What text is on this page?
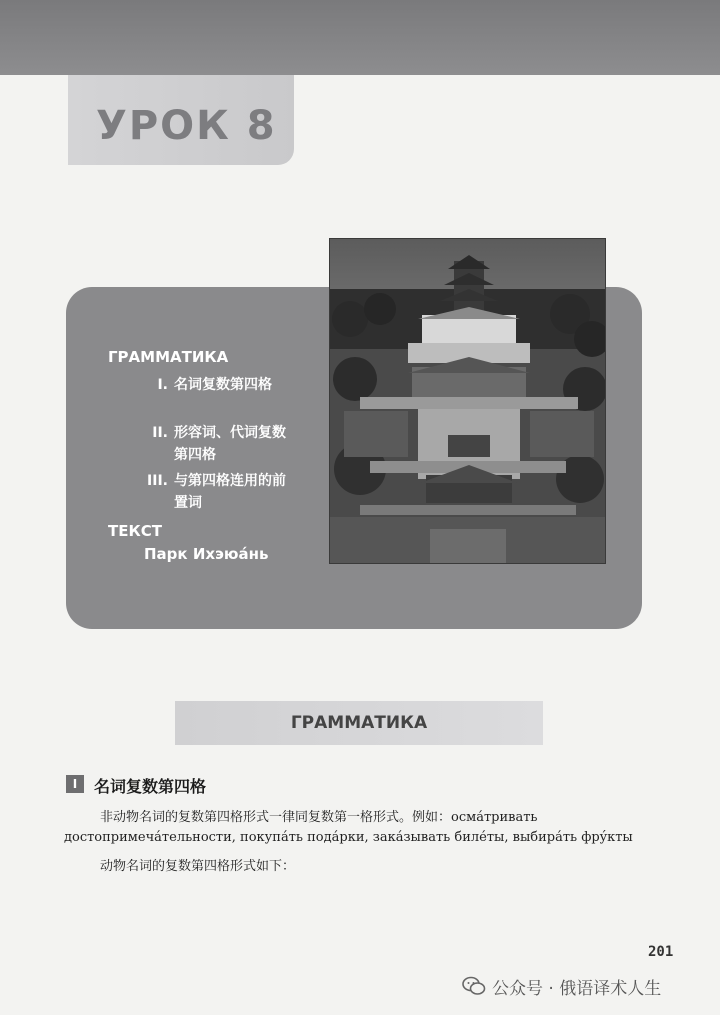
УРОК 8
ГРАММАТИКА
I. 名词复数第四格
II. 形容词、代词复数第四格
III. 与第四格连用的前置词
ТЕКСТ
Парк Ихэюáнь
ГРАММАТИКА
I	名词复数第四格
非动物名词的复数第四格形式一律同复数第一格形式。例如：осмáтривать
достопримечáтельности, покупáть подáрки, закáзывать билéты, выбирáть фрýкты
动物名词的复数第四格形式如下：
201
公众号 · 俄语译术人生
